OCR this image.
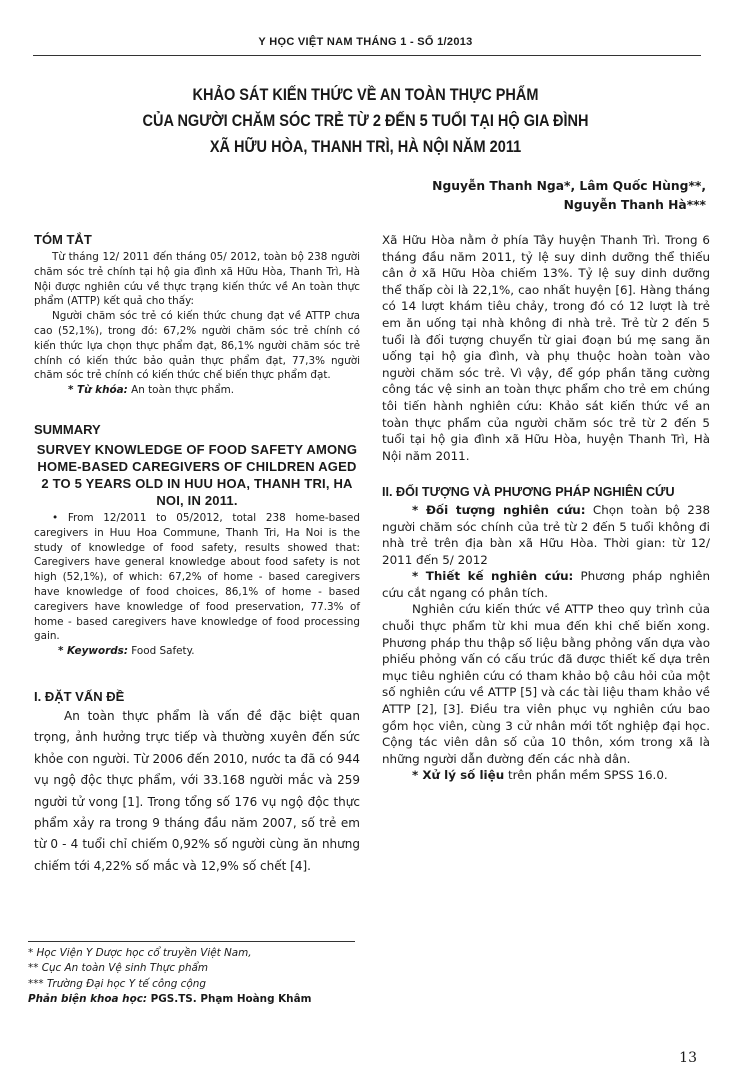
Y HỌC VIỆT NAM THÁNG 1 - SỐ 1/2013
KHẢO SÁT KIẾN THỨC VỀ AN TOÀN THỰC PHẨM
CỦA NGƯỜI CHĂM SÓC TRẺ TỪ 2 ĐẾN 5 TUỔI TẠI HỘ GIA ĐÌNH
XÃ HỮU HÒA, THANH TRÌ, HÀ NỘI NĂM 2011
Nguyễn Thanh Nga*, Lâm Quốc Hùng**,
Nguyễn Thanh Hà***
TÓM TẮT

Từ tháng 12/ 2011 đến tháng 05/ 2012, toàn bộ 238 người chăm sóc trẻ chính tại hộ gia đình xã Hữu Hòa, Thanh Trì, Hà Nội được nghiên cứu về thực trạng kiến thức về An toàn thực phẩm (ATTP) kết quả cho thấy:

Người chăm sóc trẻ có kiến thức chung đạt về ATTP chưa cao (52,1%), trong đó: 67,2% người chăm sóc trẻ chính có kiến thức lựa chọn thực phẩm đạt, 86,1% người chăm sóc trẻ chính có kiến thức bảo quản thực phẩm đạt, 77,3% người chăm sóc trẻ chính có kiến thức chế biến thực phẩm đạt.

* Từ khóa: An toàn thực phẩm.

SUMMARY
SURVEY KNOWLEDGE OF FOOD SAFETY AMONG HOME-BASED CAREGIVERS OF CHILDREN AGED 2 TO 5 YEARS OLD IN HUU HOA, THANH TRI, HA NOI, IN 2011.

• From 12/2011 to 05/2012, total 238 home-based caregivers in Huu Hoa Commune, Thanh Tri, Ha Noi is the study of knowledge of food safety, results showed that: Caregivers have general knowledge about food safety is not high (52,1%), of which: 67,2% of home - based caregivers have knowledge of food choices, 86,1% of home - based caregivers have knowledge of food preservation, 77.3% of home - based caregivers have knowledge of food processing gain.

* Keywords: Food Safety.

I. ĐẶT VẤN ĐỀ

An toàn thực phẩm là vấn đề đặc biệt quan trọng, ảnh hưởng trực tiếp và thường xuyên đến sức khỏe con người. Từ 2006 đến 2010, nước ta đã có 944 vụ ngộ độc thực phẩm, với 33.168 người mắc và 259 người tử vong [1]. Trong tổng số 176 vụ ngộ độc thực phẩm xảy ra trong 9 tháng đầu năm 2007, số trẻ em từ 0 - 4 tuổi chỉ chiếm 0,92% số người cùng ăn nhưng chiếm tới 4,22% số mắc và 12,9% số chết [4].

Xã Hữu Hòa nằm ở phía Tây huyện Thanh Trì. Trong 6 tháng đầu năm 2011, tỷ lệ suy dinh dưỡng thể thiếu cân ở xã Hữu Hòa chiếm 13%. Tỷ lệ suy dinh dưỡng thể thấp còi là 22,1%, cao nhất huyện [6]. Hàng tháng có 14 lượt khám tiêu chảy, trong đó có 12 lượt là trẻ em ăn uống tại nhà không đi nhà trẻ. Trẻ từ 2 đến 5 tuổi là đối tượng chuyển từ giai đoạn bú mẹ sang ăn uống tại hộ gia đình, và phụ thuộc hoàn toàn vào người chăm sóc trẻ. Vì vậy, để góp phần tăng cường công tác vệ sinh an toàn thực phẩm cho trẻ em chúng tôi tiến hành nghiên cứu: Khảo sát kiến thức về an toàn thực phẩm của người chăm sóc trẻ từ 2 đến 5 tuổi tại hộ gia đình xã Hữu Hòa, huyện Thanh Trì, Hà Nội năm 2011.

II. ĐỐI TƯỢNG VÀ PHƯƠNG PHÁP NGHIÊN CỨU

* Đối tượng nghiên cứu: Chọn toàn bộ 238 người chăm sóc chính của trẻ từ 2 đến 5 tuổi không đi nhà trẻ trên địa bàn xã Hữu Hòa. Thời gian: từ 12/ 2011 đến 5/ 2012

* Thiết kế nghiên cứu: Phương pháp nghiên cứu cắt ngang có phân tích.

Nghiên cứu kiến thức về ATTP theo quy trình của chuỗi thực phẩm từ khi mua đến khi chế biến xong. Phương pháp thu thập số liệu bằng phỏng vấn dựa vào phiếu phỏng vấn có cấu trúc đã được thiết kế dựa trên mục tiêu nghiên cứu có tham khảo bộ câu hỏi của một số nghiên cứu về ATTP [5] và các tài liệu tham khảo về ATTP [2], [3]. Điều tra viên phục vụ nghiên cứu bao gồm học viên, cùng 3 cử nhân mới tốt nghiệp đại học. Cộng tác viên dân số của 10 thôn, xóm trong xã là những người dẫn đường đến các nhà dân.

* Xử lý số liệu trên phần mềm SPSS 16.0.

* Học Viện Y Dược học cổ truyền Việt Nam,
** Cục An toàn Vệ sinh Thực phẩm
*** Trường Đại học Y tế công cộng
Phản biện khoa học: PGS.TS. Phạm Hoàng Khâm
13
